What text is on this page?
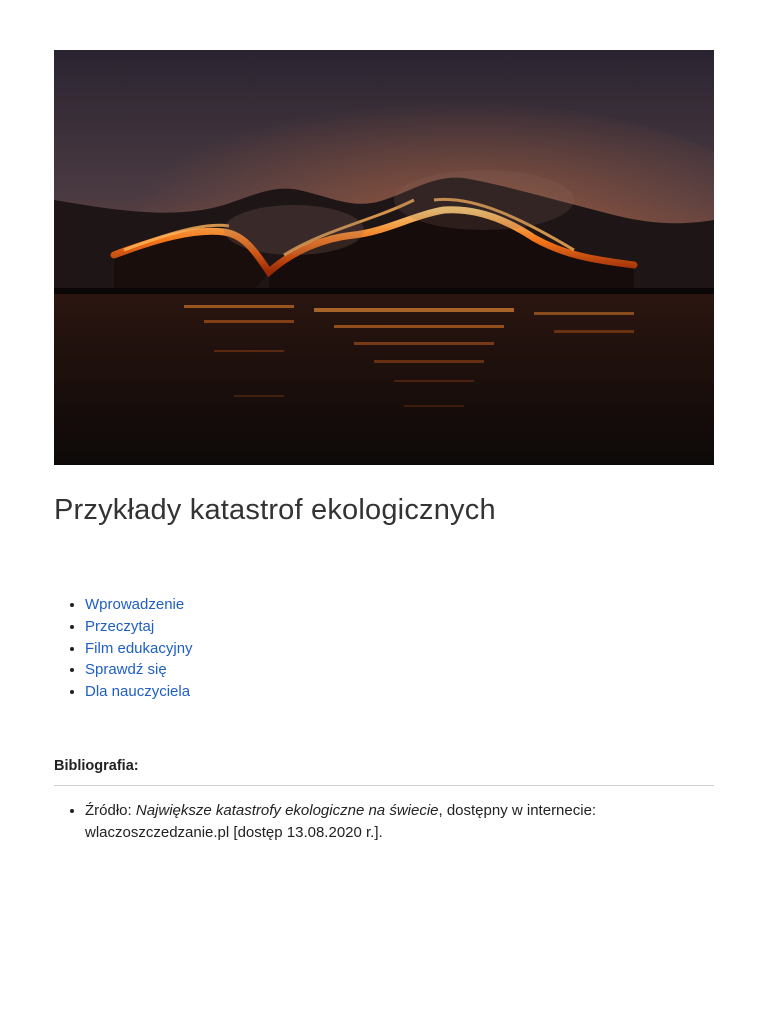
Przykłady katastrof ekologicznych
• Wprowadzenie
• Przeczytaj
• Film edukacyjny
• Sprawdź się
• Dla nauczyciela
Bibliografia:
• Źródło: Największe katastrofy ekologiczne na świecie, dostępny w internecie: wlaczoszczedzanie.pl [dostęp 13.08.2020 r.].
